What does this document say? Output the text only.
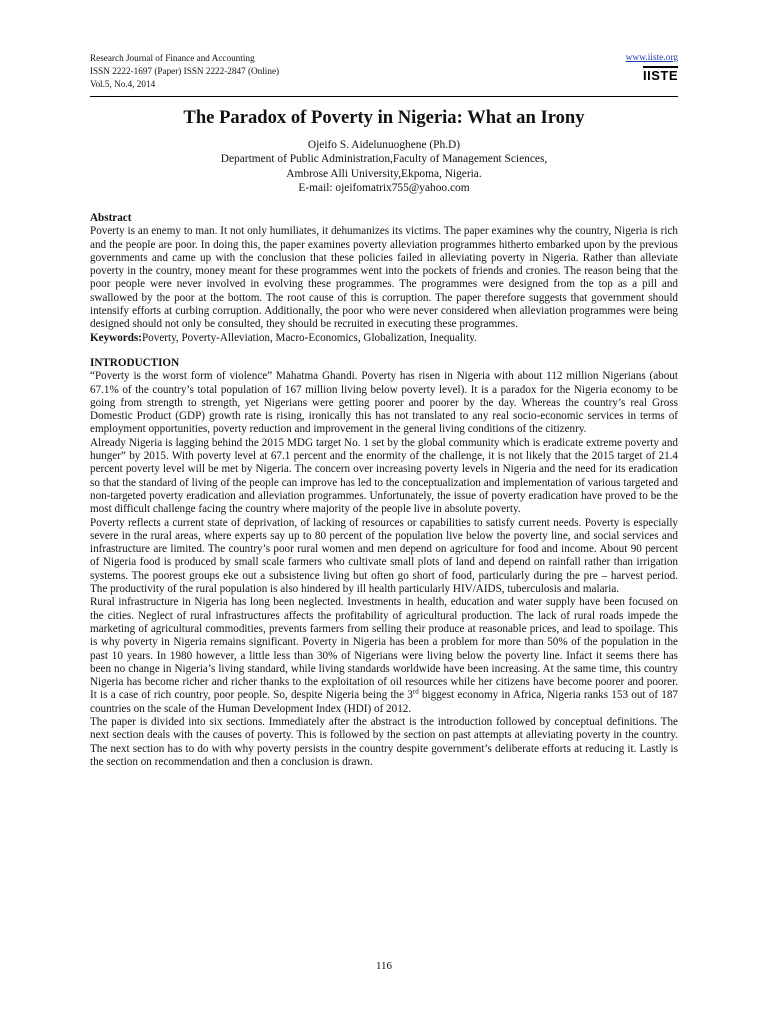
Research Journal of Finance and Accounting
ISSN 2222-1697 (Paper) ISSN 2222-2847 (Online)
Vol.5, No.4, 2014
www.iiste.org
IISTE
The Paradox of Poverty in Nigeria: What an Irony
Ojeifo S. Aidelunuoghene (Ph.D)
Department of Public Administration,Faculty of Management Sciences,
Ambrose Alli University,Ekpoma, Nigeria.
E-mail: ojeifomatrix755@yahoo.com

Abstract

Poverty is an enemy to man. It not only humiliates, it dehumanizes its victims. The paper examines why the country, Nigeria is rich and the people are poor. In doing this, the paper examines poverty alleviation programmes hitherto embarked upon by the previous governments and came up with the conclusion that these policies failed in alleviating poverty in Nigeria. Rather than alleviate poverty in the country, money meant for these programmes went into the pockets of friends and cronies. The reason being that the poor people were never involved in evolving these programmes. The programmes were designed from the top as a pill and swallowed by the poor at the bottom. The root cause of this is corruption. The paper therefore suggests that government should intensify efforts at curbing corruption. Additionally, the poor who were never considered when alleviation programmes were being designed should not only be consulted, they should be recruited in executing these programmes.

Keywords:Poverty, Poverty-Alleviation, Macro-Economics, Globalization, Inequality.

INTRODUCTION

“Poverty is the worst form of violence” Mahatma Ghandi. Poverty has risen in Nigeria with about 112 million Nigerians (about 67.1% of the country’s total population of 167 million living below poverty level). It is a paradox for the Nigeria economy to be going from strength to strength, yet Nigerians were getting poorer and poorer by the day. Whereas the country’s real Gross Domestic Product (GDP) growth rate is rising, ironically this has not translated to any real socio-economic services in terms of employment opportunities, poverty reduction and improvement in the general living conditions of the citizenry.

Already Nigeria is lagging behind the 2015 MDG target No. 1 set by the global community which is eradicate extreme poverty and hunger” by 2015. With poverty level at 67.1 percent and the enormity of the challenge, it is not likely that the 2015 target of 21.4 percent poverty level will be met by Nigeria. The concern over increasing poverty levels in Nigeria and the need for its eradication so that the standard of living of the people can improve has led to the conceptualization and implementation of various targeted and non-targeted poverty eradication and alleviation programmes. Unfortunately, the issue of poverty eradication have proved to be the most difficult challenge facing the country where majority of the people live in absolute poverty.

Poverty reflects a current state of deprivation, of lacking of resources or capabilities to satisfy current needs. Poverty is especially severe in the rural areas, where experts say up to 80 percent of the population live below the poverty line, and social services and infrastructure are limited. The country’s poor rural women and men depend on agriculture for food and income. About 90 percent of Nigeria food is produced by small scale farmers who cultivate small plots of land and depend on rainfall rather than irrigation systems. The poorest groups eke out a subsistence living but often go short of food, particularly during the pre – harvest period. The productivity of the rural population is also hindered by ill health particularly HIV/AIDS, tuberculosis and malaria.

Rural infrastructure in Nigeria has long been neglected. Investments in health, education and water supply have been focused on the cities. Neglect of rural infrastructures affects the profitability of agricultural production. The lack of rural roads impede the marketing of agricultural commodities, prevents farmers from selling their produce at reasonable prices, and lead to spoilage. This is why poverty in Nigeria remains significant. Poverty in Nigeria has been a problem for more than 50% of the population in the past 10 years. In 1980 however, a little less than 30% of Nigerians were living below the poverty line. Infact it seems there has been no change in Nigeria’s living standard, while living standards worldwide have been increasing. At the same time, this country Nigeria has become richer and richer thanks to the exploitation of oil resources while her citizens have become poorer and poorer. It is a case of rich country, poor people. So, despite Nigeria being the 3rd biggest economy in Africa, Nigeria ranks 153 out of 187 countries on the scale of the Human Development Index (HDI) of 2012.

The paper is divided into six sections. Immediately after the abstract is the introduction followed by conceptual definitions. The next section deals with the causes of poverty. This is followed by the section on past attempts at alleviating poverty in the country. The next section has to do with why poverty persists in the country despite government’s deliberate efforts at reducing it. Lastly is the section on recommendation and then a conclusion is drawn.

116
